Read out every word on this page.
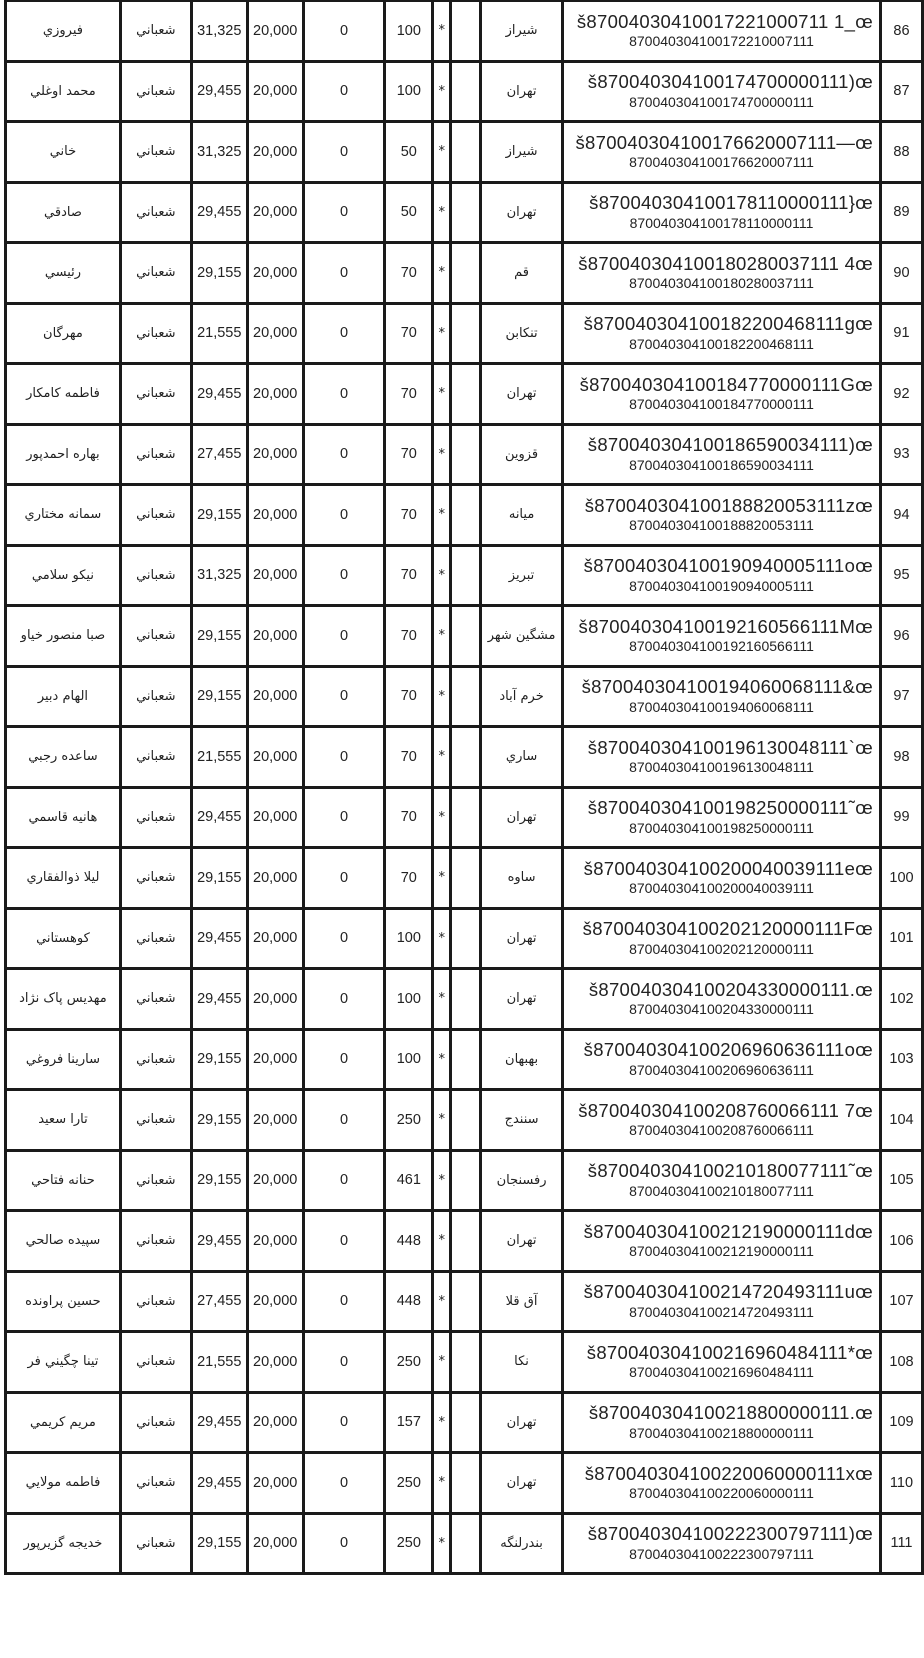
فيروزي	شعباني	31,325	20,000	0	100	*		شيراز	š87004030410017221000711 1_œ
870040304100172210007111	86
محمد اوغلي	شعباني	29,455	20,000	0	100	*		تهران	š870040304100174700000111)œ
870040304100174700000111	87
خاني	شعباني	31,325	20,000	0	50	*		شيراز	š870040304100176620007111—œ
870040304100176620007111	88
صادقي	شعباني	29,455	20,000	0	50	*		تهران	š870040304100178110000111}œ
870040304100178110000111	89
رئيسي	شعباني	29,155	20,000	0	70	*		قم	š870040304100180280037111 4œ
870040304100180280037111	90
مهرگان	شعباني	21,555	20,000	0	70	*		تنكابن	š870040304100182200468111gœ
870040304100182200468111	91
فاطمه كامكار	شعباني	29,455	20,000	0	70	*		تهران	š870040304100184770000111Gœ
870040304100184770000111	92
بهاره احمدپور	شعباني	27,455	20,000	0	70	*		قزوين	š870040304100186590034111)œ
870040304100186590034111	93
سمانه مختاري	شعباني	29,155	20,000	0	70	*		ميانه	š870040304100188820053111zœ
870040304100188820053111	94
نيكو سلامي	شعباني	31,325	20,000	0	70	*		تبريز	š870040304100190940005111oœ
870040304100190940005111	95
صبا منصور خياو	شعباني	29,155	20,000	0	70	*		مشگين شهر	š870040304100192160566111Mœ
870040304100192160566111	96
الهام دبير	شعباني	29,155	20,000	0	70	*		خرم آباد	š870040304100194060068111&œ
870040304100194060068111	97
ساعده رجبي	شعباني	21,555	20,000	0	70	*		ساري	š870040304100196130048111`œ
870040304100196130048111	98
هانيه قاسمي	شعباني	29,455	20,000	0	70	*		تهران	š870040304100198250000111˜œ
870040304100198250000111	99
ليلا ذوالفقاري	شعباني	29,155	20,000	0	70	*		ساوه	š870040304100200040039111eœ
870040304100200040039111	100
كوهستاني	شعباني	29,455	20,000	0	100	*		تهران	š870040304100202120000111Fœ
870040304100202120000111	101
مهديس پاک نژاد	شعباني	29,455	20,000	0	100	*		تهران	š870040304100204330000111.œ
870040304100204330000111	102
سارينا فروغي	شعباني	29,155	20,000	0	100	*		بهبهان	š870040304100206960636111oœ
870040304100206960636111	103
تارا سعيد	شعباني	29,155	20,000	0	250	*		سنندج	š870040304100208760066111 7œ
870040304100208760066111	104
حنانه فتاحي	شعباني	29,155	20,000	0	461	*		رفسنجان	š870040304100210180077111˜œ
870040304100210180077111	105
سپيده صالحي	شعباني	29,455	20,000	0	448	*		تهران	š870040304100212190000111dœ
870040304100212190000111	106
حسين پراونده	شعباني	27,455	20,000	0	448	*		آق قلا	š870040304100214720493111uœ
870040304100214720493111	107
تينا چگيني فر	شعباني	21,555	20,000	0	250	*		نكا	š870040304100216960484111*œ
870040304100216960484111	108
مريم كريمي	شعباني	29,455	20,000	0	157	*		تهران	š870040304100218800000111.œ
870040304100218800000111	109
فاطمه مولايي	شعباني	29,455	20,000	0	250	*		تهران	š870040304100220060000111xœ
870040304100220060000111	110
خديجه گزيرپور	شعباني	29,155	20,000	0	250	*		بندرلنگه	š870040304100222300797111)œ
870040304100222300797111	111
